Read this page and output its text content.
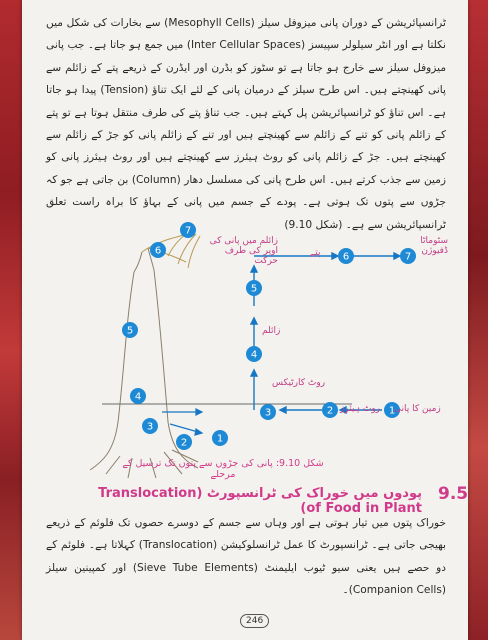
ٹرانسپائریشن کے دوران پانی میزوفل سیلز (Mesophyll Cells) سے بخارات کی شکل میں نکلتا ہے اور انٹر سیلولر سپیسز (Inter Cellular Spaces) میں جمع ہو جاتا ہے۔ جب پانی میزوفل سیلز سے خارج ہو جاتا ہے تو سٹوز کو بڈرن اور ایڈرن کے ذریعے پتے کے زائلم سے پانی کھینچتے ہیں۔ اس طرح سیلز کے درمیان پانی کے لئے ایک تناؤ (Tension) پیدا ہو جاتا ہے۔ اس تناؤ کو ٹرانسپائریشن پل کہتے ہیں۔ جب تناؤ پتے کی طرف منتقل ہوتا ہے تو پتے کے زائلم پانی کو تنے کے زائلم سے کھینچتے ہیں اور تنے کے زائلم پانی کو جڑ کے زائلم سے کھینچتے ہیں۔ جڑ کے زائلم پانی کو روٹ ہیئرز سے کھینچتے ہیں اور روٹ ہیئرز پانی کو زمین سے جذب کرتے ہیں۔ اس طرح پانی کی مسلسل دھار (Column) بن جاتی ہے جو کہ جڑوں سے پتوں تک ہوتی ہے۔ پودے کے جسم میں پانی کے بہاؤ کا براہ راست تعلق ٹرانسپائریشن سے ہے۔ (شکل 9.10)
1
2
3
4
5
6	7
1
2
3
4
5
6
7
زمین کا پانی
روٹ ہیئرز
روٹ کارٹیکس
زائلم
پتے
سٹوماٹا ڈفیوژن
زائلم میں پانی کی اوپر کی طرف حرکت
شکل 9.10: پانی کی جڑوں سے پتوں تک ترسیل کے مرحلے
9.5
پودوں میں خوراک کی ٹرانسپورٹ (Translocation of Food in Plant)
خوراک پتوں میں تیار ہوتی ہے اور وہاں سے جسم کے دوسرے حصوں تک فلوئم کے ذریعے بھیجی جاتی ہے۔ ٹرانسپورٹ کا عمل ٹرانسلوکیشن (Translocation) کہلاتا ہے۔ فلوئم کے دو حصے ہیں یعنی سیو ٹیوب ایلیمنٹ (Sieve Tube Elements) اور کمپینین سیلز (Companion Cells)۔
246
